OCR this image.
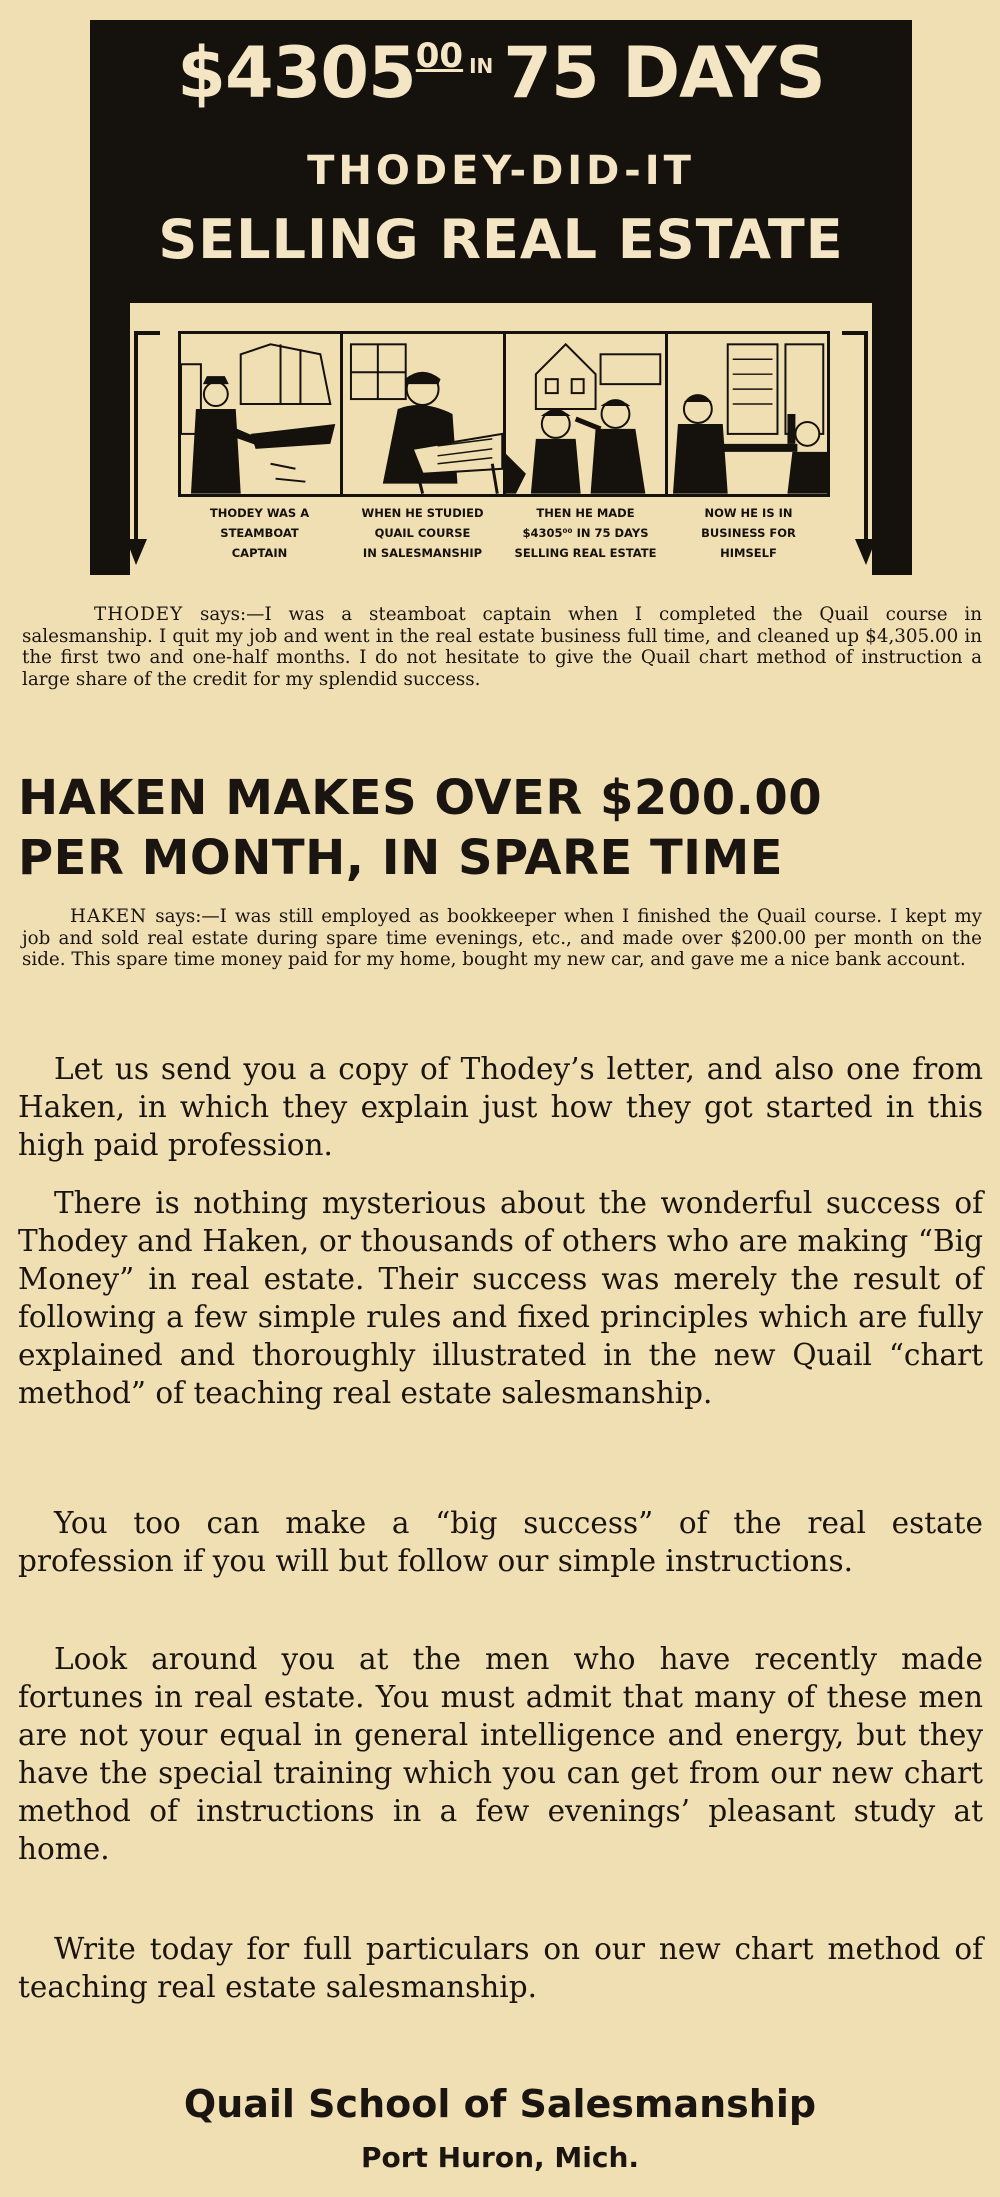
$430500 IN 75 DAYS
THODEY-DID-IT
SELLING REAL ESTATE
THODEY WAS A
STEAMBOAT
CAPTAIN
WHEN HE STUDIED
QUAIL COURSE
IN SALESMANSHIP
THEN HE MADE
$4305⁰⁰ IN 75 DAYS
SELLING REAL ESTATE
NOW HE IS IN
BUSINESS FOR
HIMSELF
THODEY says:—I was a steamboat captain when I completed the Quail course in salesmanship. I quit my job and went in the real estate business full time, and cleaned up $4,305.00 in the first two and one-half months. I do not hesitate to give the Quail chart method of instruction a large share of the credit for my splendid success.
HAKEN MAKES OVER $200.00
PER MONTH, IN SPARE TIME
HAKEN says:—I was still employed as bookkeeper when I finished the Quail course. I kept my job and sold real estate during spare time evenings, etc., and made over $200.00 per month on the side. This spare time money paid for my home, bought my new car, and gave me a nice bank account.
Let us send you a copy of Thodey’s letter, and also one from Haken, in which they explain just how they got started in this high paid profession.
There is nothing mysterious about the wonderful success of Thodey and Haken, or thousands of others who are making “Big Money” in real estate. Their success was merely the result of following a few simple rules and fixed principles which are fully explained and thoroughly illustrated in the new Quail “chart method” of teaching real estate salesmanship.
You too can make a “big success” of the real estate profession if you will but follow our simple instructions.
Look around you at the men who have recently made fortunes in real estate. You must admit that many of these men are not your equal in general intelligence and energy, but they have the special training which you can get from our new chart method of instructions in a few evenings’ pleasant study at home.
Write today for full particulars on our new chart method of teaching real estate salesmanship.
Quail School of Salesmanship
Port Huron, Mich.
